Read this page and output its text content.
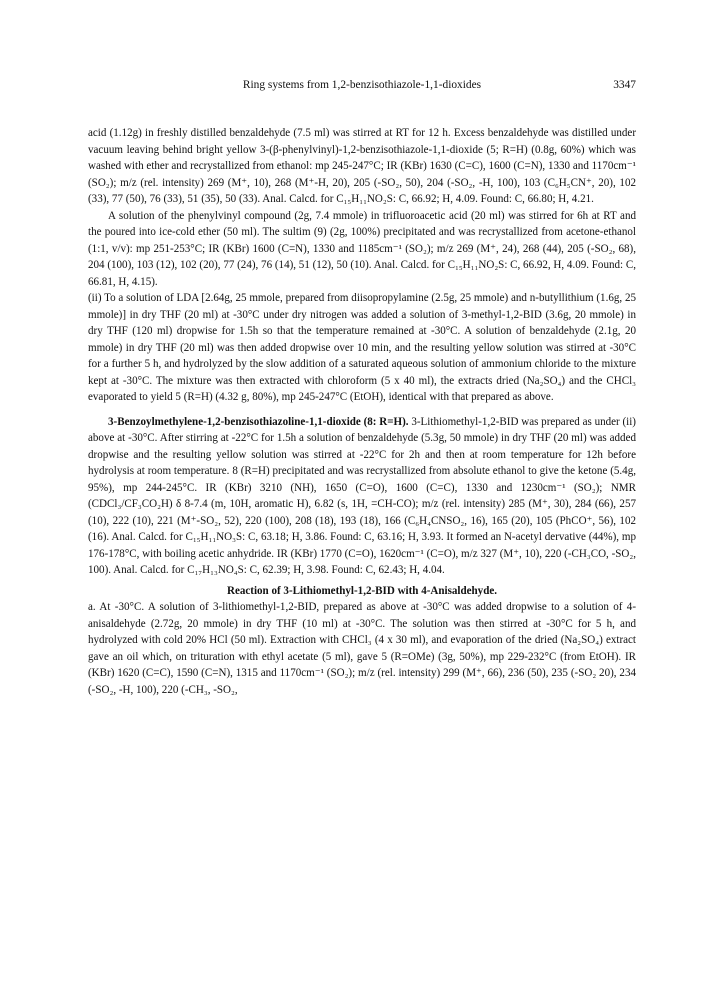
Ring systems from 1,2-benzisothiazole-1,1-dioxides	3347

acid (1.12g) in freshly distilled benzaldehyde (7.5 ml) was stirred at RT for 12 h. Excess benzaldehyde was distilled under vacuum leaving behind bright yellow 3-(β-phenylvinyl)-1,2-benzisothiazole-1,1-dioxide (5; R=H) (0.8g, 60%) which was washed with ether and recrystallized from ethanol: mp 245-247°C; IR (KBr) 1630 (C=C), 1600 (C=N), 1330 and 1170cm⁻¹ (SO₂); m/z (rel. intensity) 269 (M⁺, 10), 268 (M⁺-H, 20), 205 (-SO₂, 50), 204 (-SO₂, -H, 100), 103 (C₆H₅CN⁺, 20), 102 (33), 77 (50), 76 (33), 51 (35), 50 (33). Anal. Calcd. for C₁₅H₁₁NO₂S: C, 66.92; H, 4.09. Found: C, 66.80; H, 4.21.

A solution of the phenylvinyl compound (2g, 7.4 mmole) in trifluoroacetic acid (20 ml) was stirred for 6h at RT and the poured into ice-cold ether (50 ml). The sultim (9) (2g, 100%) precipitated and was recrystallized from acetone-ethanol (1:1, v/v): mp 251-253°C; IR (KBr) 1600 (C=N), 1330 and 1185cm⁻¹ (SO₂); m/z 269 (M⁺, 24), 268 (44), 205 (-SO₂, 68), 204 (100), 103 (12), 102 (20), 77 (24), 76 (14), 51 (12), 50 (10). Anal. Calcd. for C₁₅H₁₁NO₂S: C, 66.92, H, 4.09. Found: C, 66.81, H, 4.15).

(ii) To a solution of LDA [2.64g, 25 mmole, prepared from diisopropylamine (2.5g, 25 mmole) and n-butyllithium (1.6g, 25 mmole)] in dry THF (20 ml) at -30°C under dry nitrogen was added a solution of 3-methyl-1,2-BID (3.6g, 20 mmole) in dry THF (120 ml) dropwise for 1.5h so that the temperature remained at -30°C. A solution of benzaldehyde (2.1g, 20 mmole) in dry THF (20 ml) was then added dropwise over 10 min, and the resulting yellow solution was stirred at -30°C for a further 5 h, and hydrolyzed by the slow addition of a saturated aqueous solution of ammonium chloride to the mixture kept at -30°C. The mixture was then extracted with chloroform (5 x 40 ml), the extracts dried (Na₂SO₄) and the CHCl₃ evaporated to yield 5 (R=H) (4.32 g, 80%), mp 245-247°C (EtOH), identical with that prepared as above.

3-Benzoylmethylene-1,2-benzisothiazoline-1,1-dioxide (8: R=H). 3-Lithiomethyl-1,2-BID was prepared as under (ii) above at -30°C. After stirring at -22°C for 1.5h a solution of benzaldehyde (5.3g, 50 mmole) in dry THF (20 ml) was added dropwise and the resulting yellow solution was stirred at -22°C for 2h and then at room temperature for 12h before hydrolysis at room temperature. 8 (R=H) precipitated and was recrystallized from absolute ethanol to give the ketone (5.4g, 95%), mp 244-245°C. IR (KBr) 3210 (NH), 1650 (C=O), 1600 (C=C), 1330 and 1230cm⁻¹ (SO₂); NMR (CDCl₃/CF₃CO₂H) δ 8-7.4 (m, 10H, aromatic H), 6.82 (s, 1H, =CH-CO); m/z (rel. intensity) 285 (M⁺, 30), 284 (66), 257 (10), 222 (10), 221 (M⁺-SO₂, 52), 220 (100), 208 (18), 193 (18), 166 (C₆H₄CNSO₂, 16), 165 (20), 105 (PhCO⁺, 56), 102 (16). Anal. Calcd. for C₁₅H₁₁NO₃S: C, 63.18; H, 3.86. Found: C, 63.16; H, 3.93. It formed an N-acetyl dervative (44%), mp 176-178°C, with boiling acetic anhydride. IR (KBr) 1770 (C=O), 1620cm⁻¹ (C=O), m/z 327 (M⁺, 10), 220 (-CH₃CO, -SO₂, 100). Anal. Calcd. for C₁₇H₁₃NO₄S: C, 62.39; H, 3.98. Found: C, 62.43; H, 4.04.

Reaction of 3-Lithiomethyl-1,2-BID with 4-Anisaldehyde.

a. At -30°C. A solution of 3-lithiomethyl-1,2-BID, prepared as above at -30°C was added dropwise to a solution of 4-anisaldehyde (2.72g, 20 mmole) in dry THF (10 ml) at -30°C. The solution was then stirred at -30°C for 5 h, and hydrolyzed with cold 20% HCl (50 ml). Extraction with CHCl₃ (4 x 30 ml), and evaporation of the dried (Na₂SO₄) extract gave an oil which, on trituration with ethyl acetate (5 ml), gave 5 (R=OMe) (3g, 50%), mp 229-232°C (from EtOH). IR (KBr) 1620 (C=C), 1590 (C=N), 1315 and 1170cm⁻¹ (SO₂); m/z (rel. intensity) 299 (M⁺, 66), 236 (50), 235 (-SO₂ 20), 234 (-SO₂, -H, 100), 220 (-CH₃, -SO₂,
